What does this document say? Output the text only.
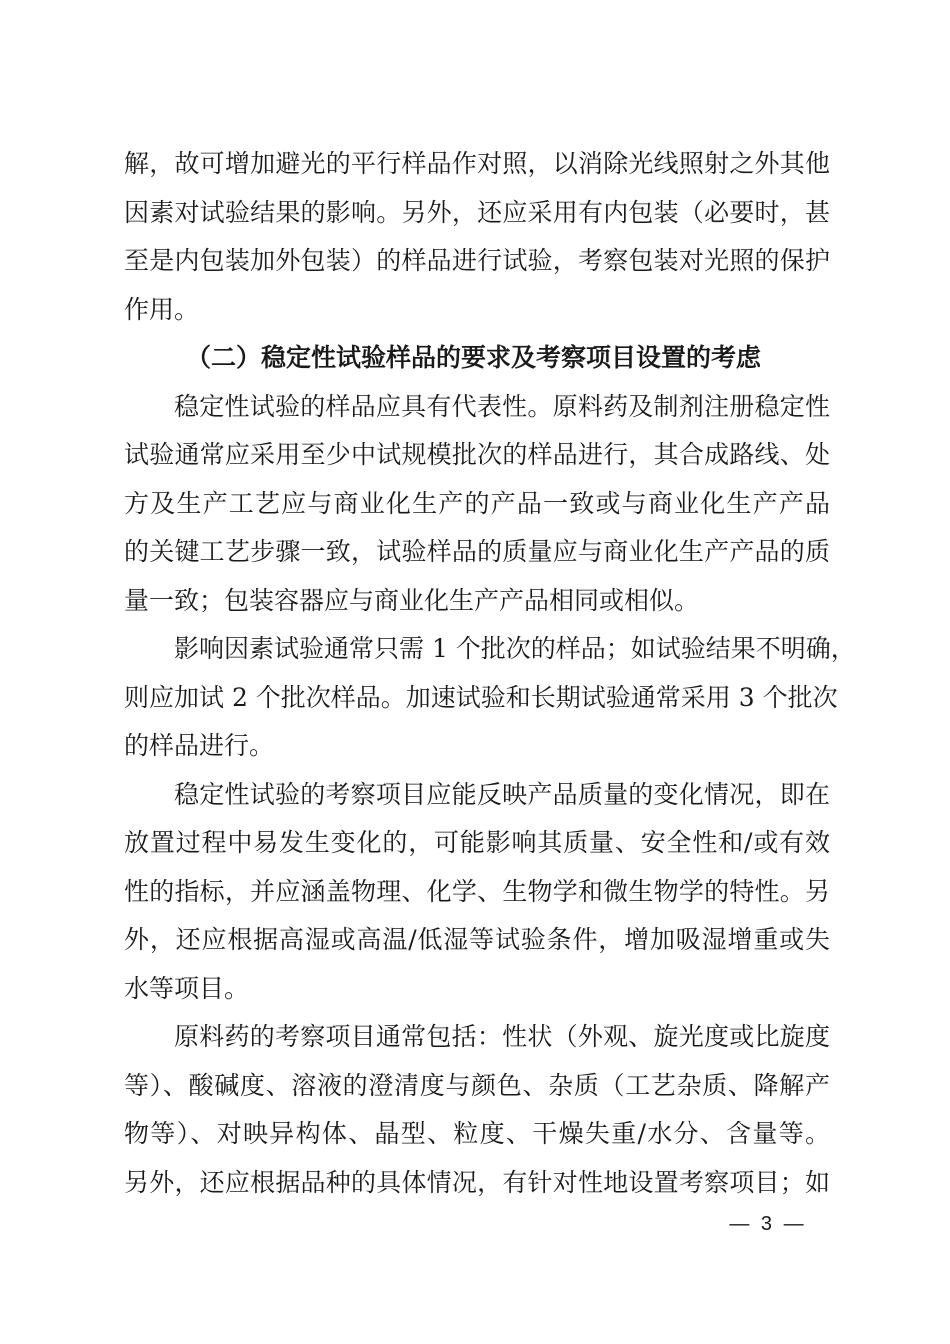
解，故可增加避光的平行样品作对照，以消除光线照射之外其他
因素对试验结果的影响。另外，还应采用有内包装（必要时，甚
至是内包装加外包装）的样品进行试验，考察包装对光照的保护
作用。
（二）稳定性试验样品的要求及考察项目设置的考虑
稳定性试验的样品应具有代表性。原料药及制剂注册稳定性
试验通常应采用至少中试规模批次的样品进行，其合成路线、处
方及生产工艺应与商业化生产的产品一致或与商业化生产产品
的关键工艺步骤一致，试验样品的质量应与商业化生产产品的质
量一致；包装容器应与商业化生产产品相同或相似。
影响因素试验通常只需 1 个批次的样品；如试验结果不明确，
则应加试 2 个批次样品。加速试验和长期试验通常采用 3 个批次
的样品进行。
稳定性试验的考察项目应能反映产品质量的变化情况，即在
放置过程中易发生变化的，可能影响其质量、安全性和/或有效
性的指标，并应涵盖物理、化学、生物学和微生物学的特性。另
外，还应根据高湿或高温/低湿等试验条件，增加吸湿增重或失
水等项目。
原料药的考察项目通常包括：性状（外观、旋光度或比旋度
等）、酸碱度、溶液的澄清度与颜色、杂质（工艺杂质、降解产
物等）、对映异构体、晶型、粒度、干燥失重/水分、含量等。
另外，还应根据品种的具体情况，有针对性地设置考察项目；如
— 3 —
